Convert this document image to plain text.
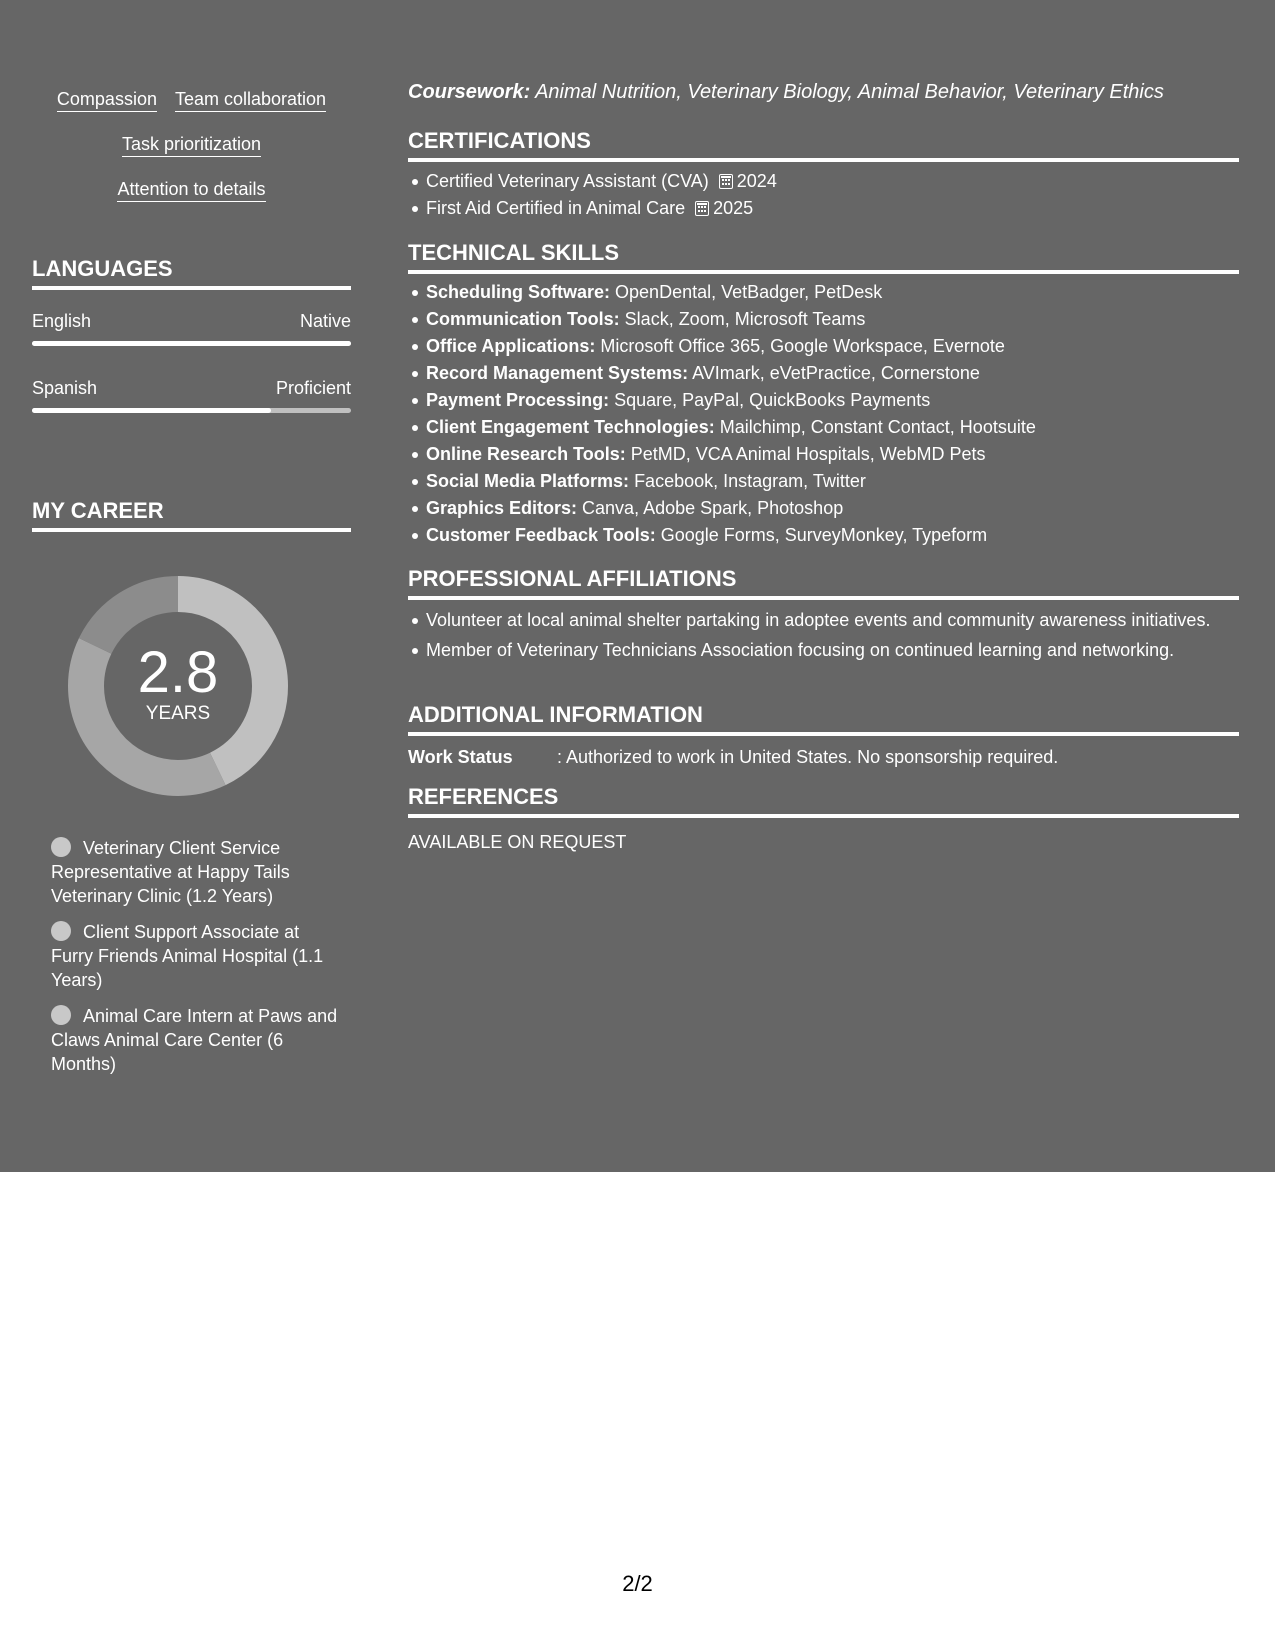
Compassion Team collaboration
Task prioritization
Attention to details
LANGUAGES
English	Native
Spanish	Proficient
MY CAREER
2.8
YEARS
Veterinary Client Service Representative at Happy Tails Veterinary Clinic (1.2 Years)
Client Support Associate at Furry Friends Animal Hospital (1.1 Years)
Animal Care Intern at Paws and Claws Animal Care Center (6 Months)
Coursework: Animal Nutrition, Veterinary Biology, Animal Behavior, Veterinary Ethics
CERTIFICATIONS
Certified Veterinary Assistant (CVA) 2024
First Aid Certified in Animal Care 2025
TECHNICAL SKILLS
Scheduling Software: OpenDental, VetBadger, PetDesk
Communication Tools: Slack, Zoom, Microsoft Teams
Office Applications: Microsoft Office 365, Google Workspace, Evernote
Record Management Systems: AVImark, eVetPractice, Cornerstone
Payment Processing: Square, PayPal, QuickBooks Payments
Client Engagement Technologies: Mailchimp, Constant Contact, Hootsuite
Online Research Tools: PetMD, VCA Animal Hospitals, WebMD Pets
Social Media Platforms: Facebook, Instagram, Twitter
Graphics Editors: Canva, Adobe Spark, Photoshop
Customer Feedback Tools: Google Forms, SurveyMonkey, Typeform
PROFESSIONAL AFFILIATIONS
Volunteer at local animal shelter partaking in adoptee events and community awareness initiatives.
Member of Veterinary Technicians Association focusing on continued learning and networking.
ADDITIONAL INFORMATION
Work Status : Authorized to work in United States. No sponsorship required.
REFERENCES
AVAILABLE ON REQUEST
2/2
